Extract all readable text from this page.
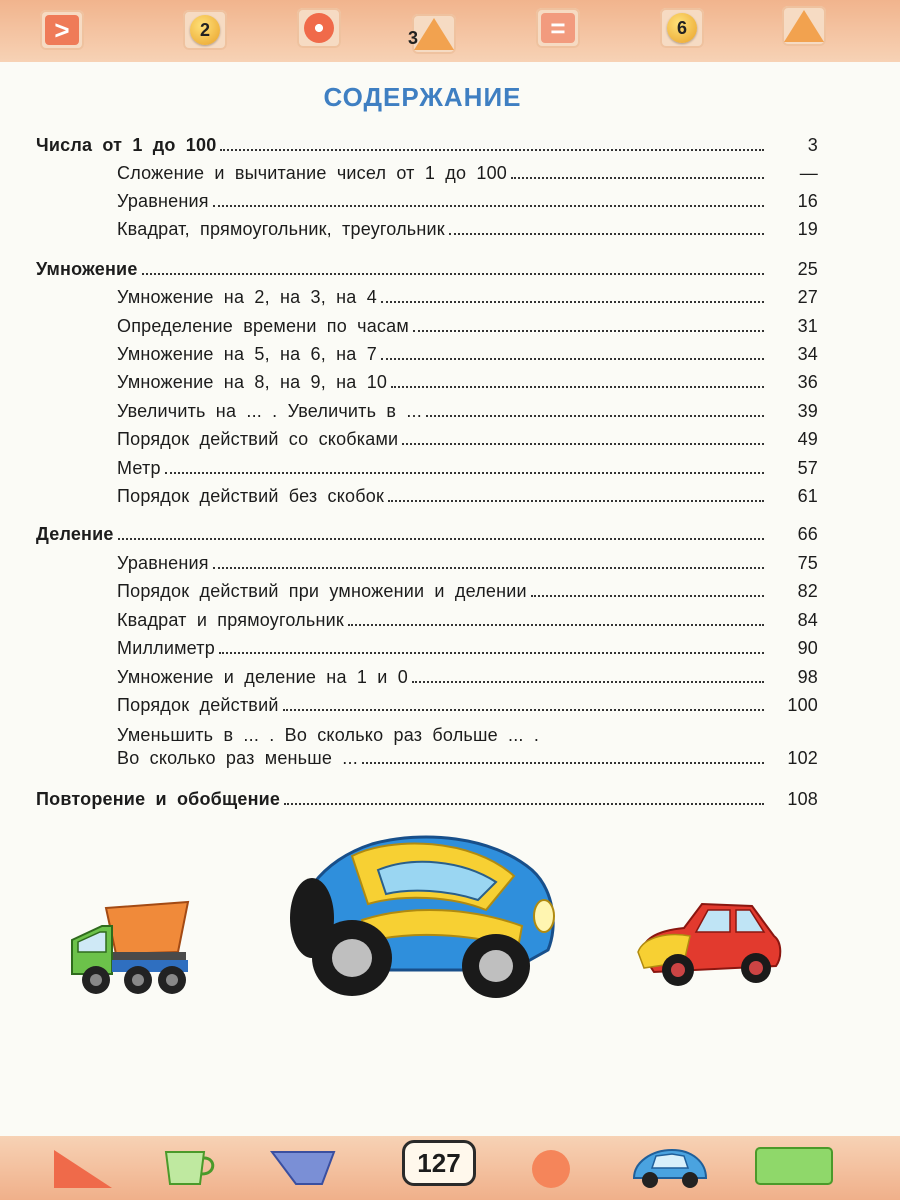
>	2	3	=	6
СОДЕРЖАНИЕ
Числа от 1 до 100	3
Сложение и вычитание чисел от 1 до 100	—
Уравнения	16
Квадрат, прямоугольник, треугольник	19
Умножение	25
Умножение на 2, на 3, на 4	27
Определение времени по часам	31
Умножение на 5, на 6, на 7	34
Умножение на 8, на 9, на 10	36
Увеличить на ... . Увеличить в ...	39
Порядок действий со скобками	49
Метр	57
Порядок действий без скобок	61
Деление	66
Уравнения	75
Порядок действий при умножении и делении	82
Квадрат и прямоугольник	84
Миллиметр	90
Умножение и деление на 1 и 0	98
Порядок действий	100
Уменьшить в ... . Во сколько раз больше ... .
Во сколько раз меньше ...	102
Повторение и обобщение	108
127
